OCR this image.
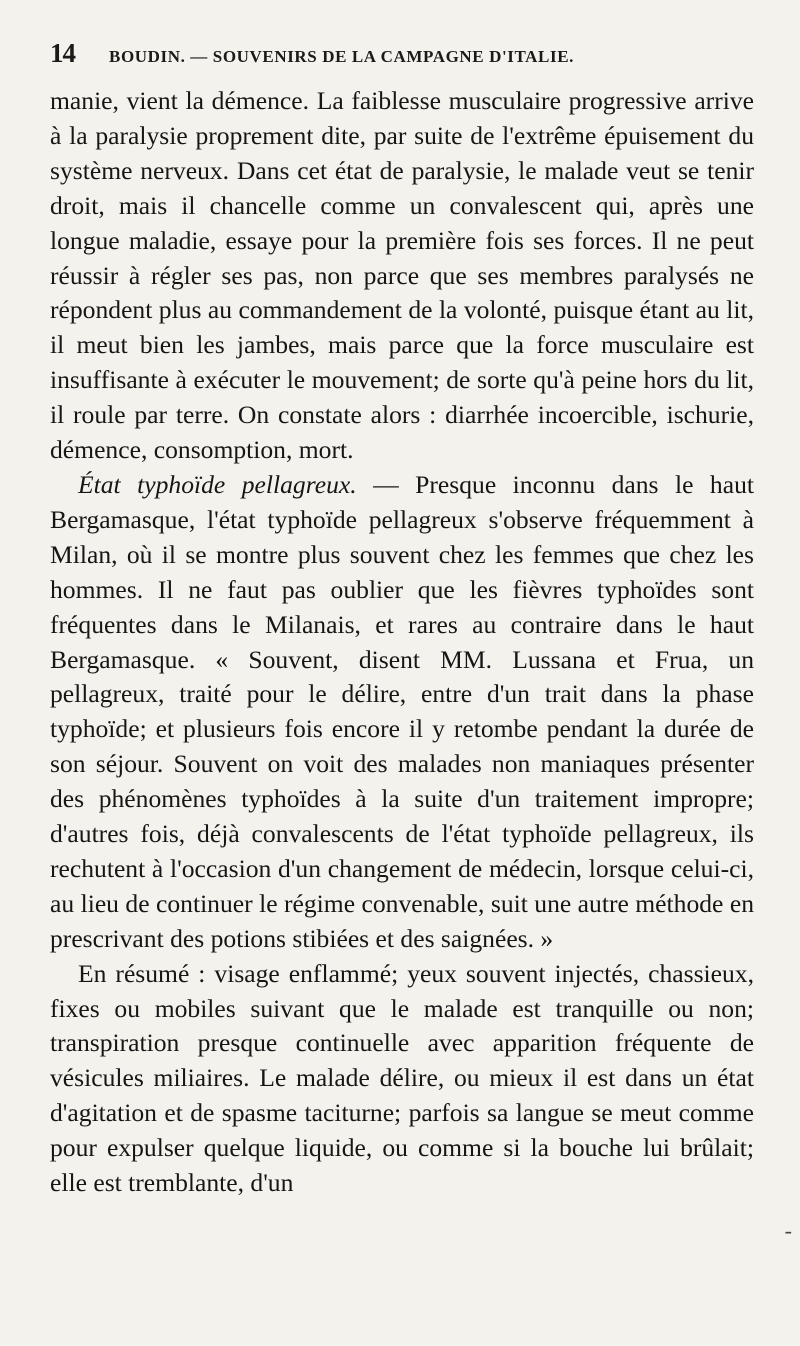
14 BOUDIN. — SOUVENIRS DE LA CAMPAGNE D'ITALIE.

manie, vient la démence. La faiblesse musculaire progressive arrive à la paralysie proprement dite, par suite de l'extrême épuisement du système nerveux. Dans cet état de paralysie, le malade veut se tenir droit, mais il chancelle comme un convalescent qui, après une longue maladie, essaye pour la première fois ses forces. Il ne peut réussir à régler ses pas, non parce que ses membres paralysés ne répondent plus au commandement de la volonté, puisque étant au lit, il meut bien les jambes, mais parce que la force musculaire est insuffisante à exécuter le mouvement; de sorte qu'à peine hors du lit, il roule par terre. On constate alors : diarrhée incoercible, ischurie, démence, consomption, mort.

État typhoïde pellagreux. — Presque inconnu dans le haut Bergamasque, l'état typhoïde pellagreux s'observe fréquemment à Milan, où il se montre plus souvent chez les femmes que chez les hommes. Il ne faut pas oublier que les fièvres typhoïdes sont fréquentes dans le Milanais, et rares au contraire dans le haut Bergamasque. « Souvent, disent MM. Lussana et Frua, un pellagreux, traité pour le délire, entre d'un trait dans la phase typhoïde; et plusieurs fois encore il y retombe pendant la durée de son séjour. Souvent on voit des malades non maniaques présenter des phénomènes typhoïdes à la suite d'un traitement impropre; d'autres fois, déjà convalescents de l'état typhoïde pellagreux, ils rechutent à l'occasion d'un changement de médecin, lorsque celui-ci, au lieu de continuer le régime convenable, suit une autre méthode en prescrivant des potions stibiées et des saignées. »

En résumé : visage enflammé; yeux souvent injectés, chassieux, fixes ou mobiles suivant que le malade est tranquille ou non; transpiration presque continuelle avec apparition fréquente de vésicules miliaires. Le malade délire, ou mieux il est dans un état d'agitation et de spasme taciturne; parfois sa langue se meut comme pour expulser quelque liquide, ou comme si la bouche lui brûlait; elle est tremblante, d'un

-
